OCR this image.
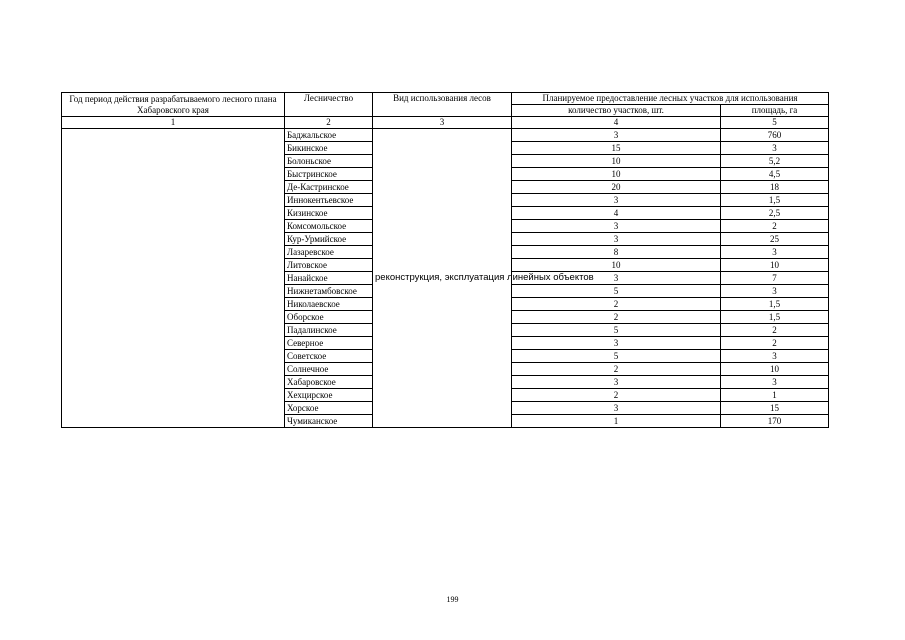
Год период действия разрабатываемого лесного плана Хабаровского края	Лесничество	Вид использования лесов	Планируемое предоставление лесных участков для использования	
			количество участков, шт.	площадь, га
1	2	3	4	5
	Баджальское	реконструкция, эксплуатация линейных объектов	3	760
	Бикинское		15	3
	Болоньское		10	5,2
	Быстринское		10	4,5
	Де-Кастринское		20	18
	Иннокентьевское		3	1,5
	Кизинское		4	2,5
	Комсомольское		3	2
	Кур-Урмийское		3	25
	Лазаревское		8	3
	Литовское		10	10
	Нанайское		3	7
	Нижнетамбовское		5	3
	Николаевское		2	1,5
	Оборское		2	1,5
	Падалинское		5	2
	Северное		3	2
	Советское		5	3
	Солнечное		2	10
	Хабаровское		3	3
	Хехцирское		2	1
	Хорское		3	15
	Чумиканское		1	170
199
